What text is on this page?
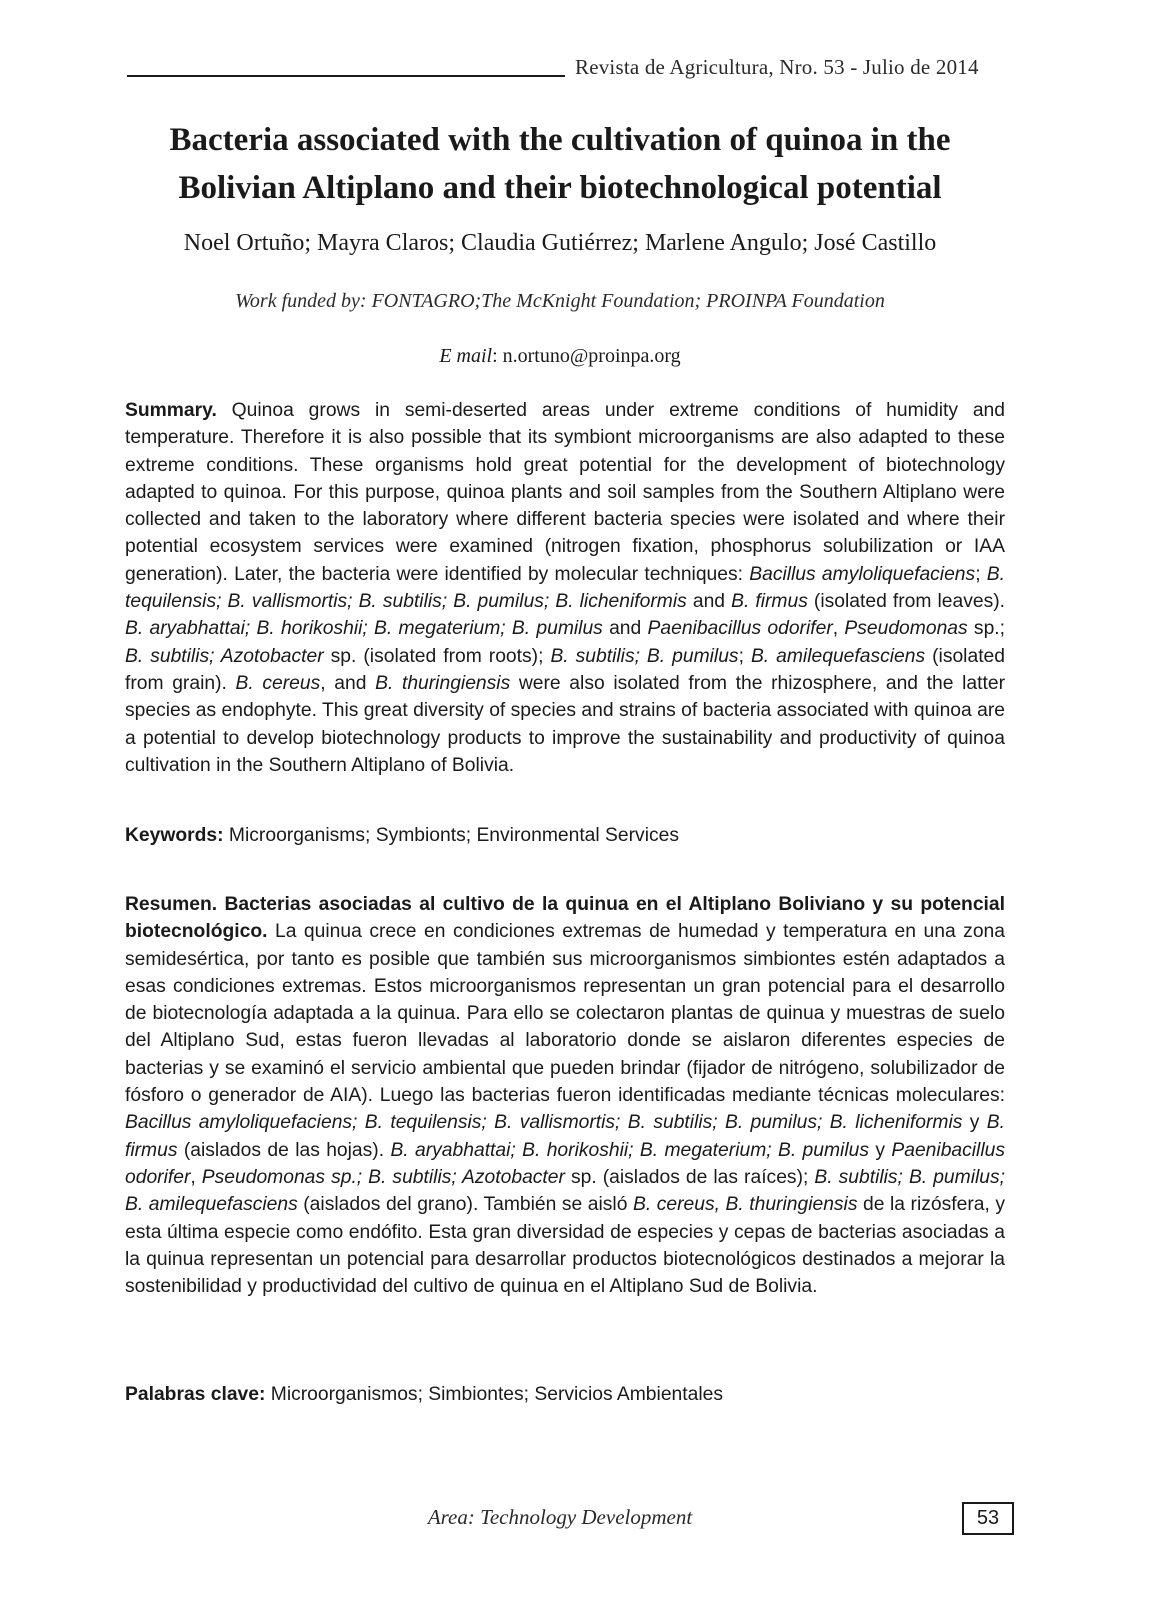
Revista de Agricultura, Nro. 53 - Julio de 2014
Bacteria associated with the cultivation of quinoa in the
Bolivian Altiplano and their biotechnological potential
Noel Ortuño; Mayra Claros; Claudia Gutiérrez; Marlene Angulo; José Castillo
Work funded by: FONTAGRO;The McKnight Foundation; PROINPA Foundation
E mail: n.ortuno@proinpa.org
Summary. Quinoa grows in semi-deserted areas under extreme conditions of humidity and temperature. Therefore it is also possible that its symbiont microorganisms are also adapted to these extreme conditions. These organisms hold great potential for the development of biotechnology adapted to quinoa. For this purpose, quinoa plants and soil samples from the Southern Altiplano were collected and taken to the laboratory where different bacteria species were isolated and where their potential ecosystem services were examined (nitrogen fixation, phosphorus solubilization or IAA generation). Later, the bacteria were identified by molecular techniques: Bacillus amyloliquefaciens; B. tequilensis; B. vallismortis; B. subtilis; B. pumilus; B. licheniformis and B. firmus (isolated from leaves). B. aryabhattai; B. horikoshii; B. megaterium; B. pumilus and Paenibacillus odorifer, Pseudomonas sp.; B. subtilis; Azotobacter sp. (isolated from roots); B. subtilis; B. pumilus; B. amilequefasciens (isolated from grain). B. cereus, and B. thuringiensis were also isolated from the rhizosphere, and the latter species as endophyte. This great diversity of species and strains of bacteria associated with quinoa are a potential to develop biotechnology products to improve the sustainability and productivity of quinoa cultivation in the Southern Altiplano of Bolivia.
Keywords: Microorganisms; Symbionts; Environmental Services
Resumen. Bacterias asociadas al cultivo de la quinua en el Altiplano Boliviano y su potencial biotecnológico. La quinua crece en condiciones extremas de humedad y temperatura en una zona semidesértica, por tanto es posible que también sus microorganismos simbiontes estén adaptados a esas condiciones extremas. Estos microorganismos representan un gran potencial para el desarrollo de biotecnología adaptada a la quinua. Para ello se colectaron plantas de quinua y muestras de suelo del Altiplano Sud, estas fueron llevadas al laboratorio donde se aislaron diferentes especies de bacterias y se examinó el servicio ambiental que pueden brindar (fijador de nitrógeno, solubilizador de fósforo o generador de AIA). Luego las bacterias fueron identificadas mediante técnicas moleculares: Bacillus amyloliquefaciens; B. tequilensis; B. vallismortis; B. subtilis; B. pumilus; B. licheniformis y B. firmus (aislados de las hojas). B. aryabhattai; B. horikoshii; B. megaterium; B. pumilus y Paenibacillus odorifer, Pseudomonas sp.; B. subtilis; Azotobacter sp. (aislados de las raíces); B. subtilis; B. pumilus; B. amilequefasciens (aislados del grano). También se aisló B. cereus, B. thuringiensis de la rizósfera, y esta última especie como endófito. Esta gran diversidad de especies y cepas de bacterias asociadas a la quinua representan un potencial para desarrollar productos biotecnológicos destinados a mejorar la sostenibilidad y productividad del cultivo de quinua en el Altiplano Sud de Bolivia.
Palabras clave: Microorganismos; Simbiontes; Servicios Ambientales
Area: Technology Development	53
